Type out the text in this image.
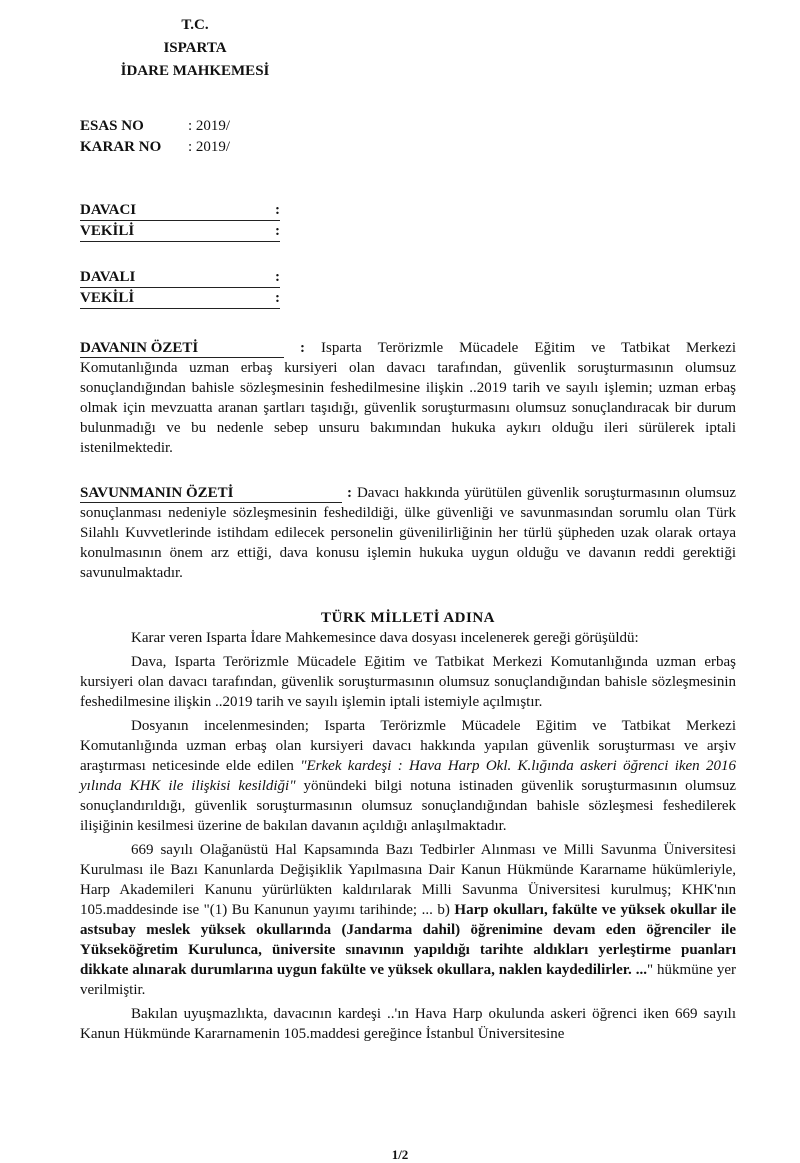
T.C.
ISPARTA
İDARE MAHKEMESİ
ESAS NO	: 2019/
KARAR NO	: 2019/
DAVACI	:
VEKİLİ	:
DAVALI	:
VEKİLİ	:

DAVANIN ÖZETİ	: Isparta Terörizmle Mücadele Eğitim ve Tatbikat Merkezi Komutanlığında uzman erbaş kursiyeri olan davacı tarafından, güvenlik soruşturmasının olumsuz sonuçlandığından bahisle sözleşmesinin feshedilmesine ilişkin ..2019 tarih ve sayılı işlemin; uzman erbaş olmak için mevzuatta aranan şartları taşıdığı, güvenlik soruşturmasını olumsuz sonuçlandıracak bir durum bulunmadığı ve bu nedenle sebep unsuru bakımından hukuka aykırı olduğu ileri sürülerek iptali istenilmektedir.

SAVUNMANIN ÖZETİ	: Davacı hakkında yürütülen güvenlik soruşturmasının olumsuz sonuçlanması nedeniyle sözleşmesinin feshedildiği, ülke güvenliği ve savunmasından sorumlu olan Türk Silahlı Kuvvetlerinde istihdam edilecek personelin güvenilirliğinin her türlü şüpheden uzak olarak ortaya konulmasının önem arz ettiği, dava konusu işlemin hukuka uygun olduğu ve davanın reddi gerektiği savunulmaktadır.

TÜRK MİLLETİ ADINA

Karar veren Isparta İdare Mahkemesince dava dosyası incelenerek gereği görüşüldü:

Dava, Isparta Terörizmle Mücadele Eğitim ve Tatbikat Merkezi Komutanlığında uzman erbaş kursiyeri olan davacı tarafından, güvenlik soruşturmasının olumsuz sonuçlandığından bahisle sözleşmesinin feshedilmesine ilişkin ..2019 tarih ve sayılı işlemin iptali istemiyle açılmıştır.

Dosyanın incelenmesinden; Isparta Terörizmle Mücadele Eğitim ve Tatbikat Merkezi Komutanlığında uzman erbaş olan kursiyeri davacı hakkında yapılan güvenlik soruşturması ve arşiv araştırması neticesinde elde edilen "Erkek kardeşi : Hava Harp Okl. K.lığında askeri öğrenci iken 2016 yılında KHK ile ilişkisi kesildiği" yönündeki bilgi notuna istinaden güvenlik soruşturmasının olumsuz sonuçlandırıldığı, güvenlik soruşturmasının olumsuz sonuçlandığından bahisle sözleşmesi feshedilerek ilişiğinin kesilmesi üzerine de bakılan davanın açıldığı anlaşılmaktadır.

669 sayılı Olağanüstü Hal Kapsamında Bazı Tedbirler Alınması ve Milli Savunma Üniversitesi Kurulması ile Bazı Kanunlarda Değişiklik Yapılmasına Dair Kanun Hükmünde Kararname hükümleriyle, Harp Akademileri Kanunu yürürlükten kaldırılarak Milli Savunma Üniversitesi kurulmuş; KHK'nın 105.maddesinde ise "(1) Bu Kanunun yayımı tarihinde; ... b) Harp okulları, fakülte ve yüksek okullar ile astsubay meslek yüksek okullarında (Jandarma dahil) öğrenimine devam eden öğrenciler ile Yükseköğretim Kurulunca, üniversite sınavının yapıldığı tarihte aldıkları yerleştirme puanları dikkate alınarak durumlarına uygun fakülte ve yüksek okullara, naklen kaydedilirler. ..." hükmüne yer verilmiştir.

Bakılan uyuşmazlıkta, davacının kardeşi ..'ın Hava Harp okulunda askeri öğrenci iken 669 sayılı Kanun Hükmünde Kararnamenin 105.maddesi gereğince İstanbul Üniversitesine

1/2
